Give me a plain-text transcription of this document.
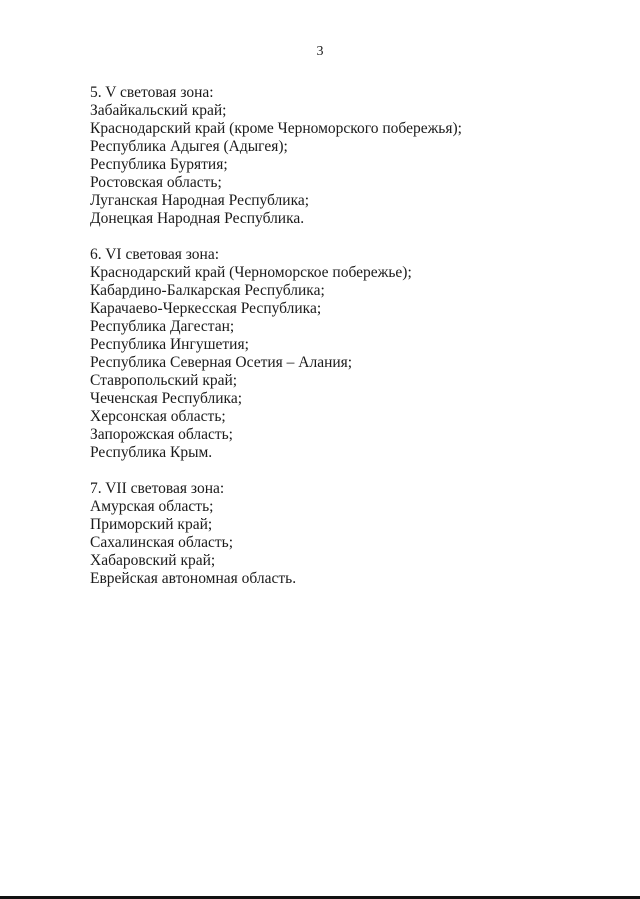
3
5. V световая зона:
Забайкальский край;
Краснодарский край (кроме Черноморского побережья);
Республика Адыгея (Адыгея);
Республика Бурятия;
Ростовская область;
Луганская Народная Республика;
Донецкая Народная Республика.
6. VI световая зона:
Краснодарский край (Черноморское побережье);
Кабардино-Балкарская Республика;
Карачаево-Черкесская Республика;
Республика Дагестан;
Республика Ингушетия;
Республика Северная Осетия – Алания;
Ставропольский край;
Чеченская Республика;
Херсонская область;
Запорожская область;
Республика Крым.
7. VII световая зона:
Амурская область;
Приморский край;
Сахалинская область;
Хабаровский край;
Еврейская автономная область.
